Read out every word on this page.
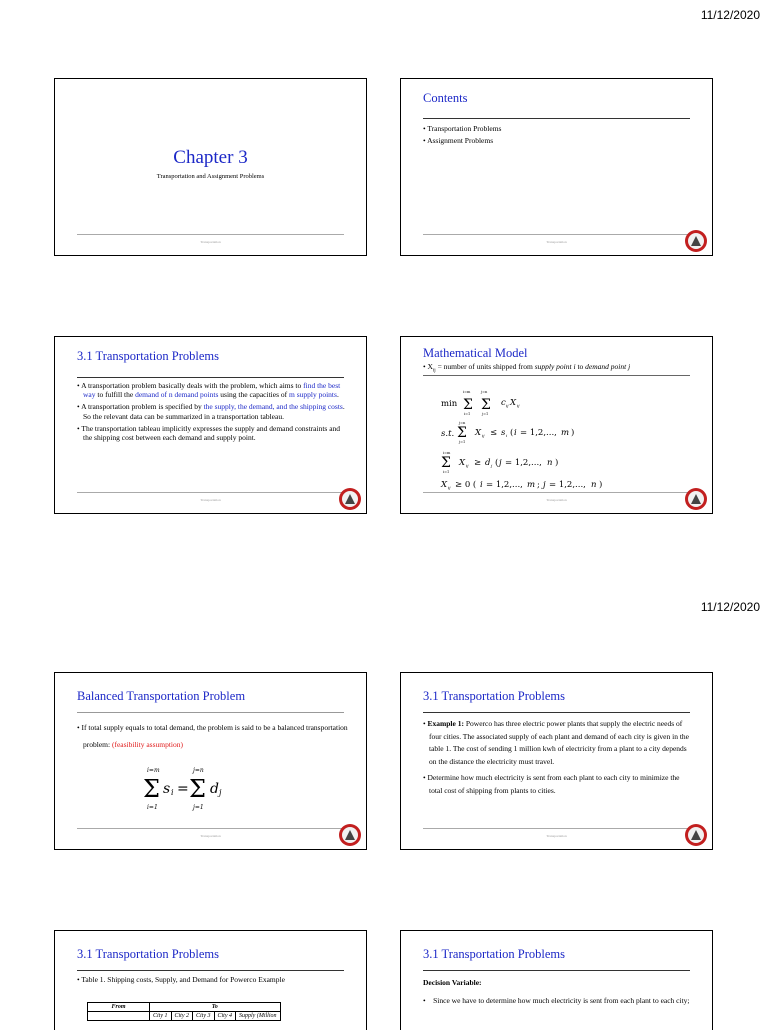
11/12/2020
11/12/2020
Chapter 3
Transportation and Assignment Problems
Transportation
Contents

• Transportation Problems

• Assignment Problems

Transportation
3.1 Transportation Problems

• A transportation problem basically deals with the problem, which aims to find the best way to fulfill the demand of n demand points using the capacities of m supply points.

• A transportation problem is specified by the supply, the demand, and the shipping costs. So the relevant data can be summarized in a transportation tableau.

• The transportation tableau implicitly expresses the supply and demand constraints and the shipping cost between each demand and supply point.

Transportation
Mathematical Model

• $X_{ij}$ = number of units shipped from supply point i to demand point j

min
i=m
Σ
i=1
j=n
Σ
j=1
c ij X ij
s.t.
j=n
Σ
j=1
X ij ≤ s i ( i = 1,2,..., m )
i=m
Σ
i=1
X ij ≥ d j ( j = 1,2,..., n )
X ij ≥ 0 ( i = 1,2,..., m ; j = 1,2,..., n )
Transportation
Balanced Transportation Problem

• If total supply equals to total demand, the problem is said to be a balanced transportation problem: (feasibility assumption)

i=m
Σ
i=1
s i =
j=n
Σ
j=1
d j
Transportation
3.1 Transportation Problems

• Example 1: Powerco has three electric power plants that supply the electric needs of four cities. The associated supply of each plant and demand of each city is given in the table 1. The cost of sending 1 million kwh of electricity from a plant to a city depends on the distance the electricity must travel.

• Determine how much electricity is sent from each plant to each city to minimize the total cost of shipping from plants to cities.

Transportation
3.1 Transportation Problems

• Table 1. Shipping costs, Supply, and Demand for Powerco Example

From	To				
	City 1	City 2	City 3	City 4	Supply (Million
3.1 Transportation Problems

Decision Variable:

•    Since we have to determine how much electricity is sent from each plant to each city;
